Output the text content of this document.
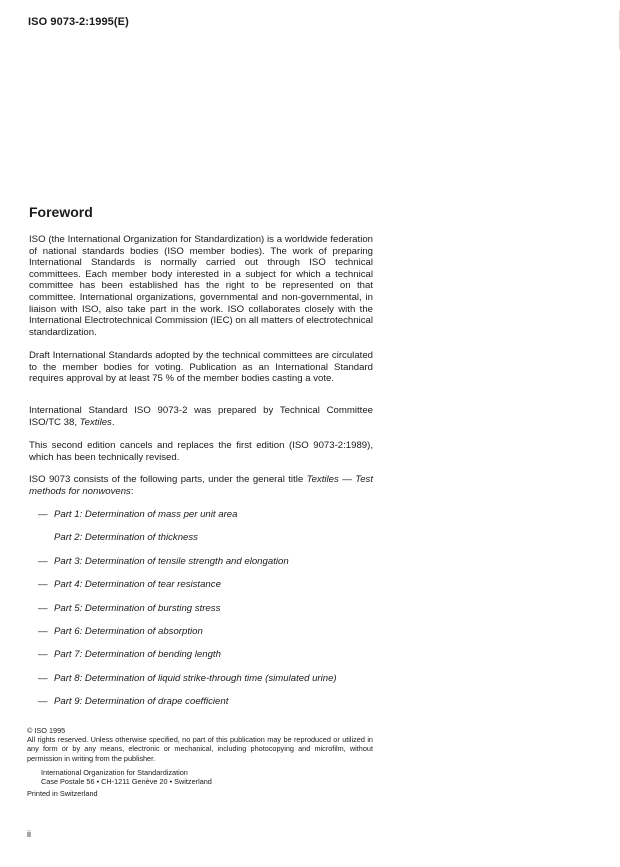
ISO 9073-2:1995(E)
Foreword
ISO (the International Organization for Standardization) is a worldwide federation of national standards bodies (ISO member bodies). The work of preparing International Standards is normally carried out through ISO technical committees. Each member body interested in a subject for which a technical committee has been established has the right to be represented on that committee. International organizations, governmental and non-governmental, in liaison with ISO, also take part in the work. ISO collaborates closely with the International Electrotechnical Commission (IEC) on all matters of electrotechnical standardization.
Draft International Standards adopted by the technical committees are circulated to the member bodies for voting. Publication as an International Standard requires approval by at least 75 % of the member bodies casting a vote.
International Standard ISO 9073-2 was prepared by Technical Committee ISO/TC 38, Textiles.
This second edition cancels and replaces the first edition (ISO 9073-2:1989), which has been technically revised.
ISO 9073 consists of the following parts, under the general title Textiles — Test methods for nonwovens:
— Part 1: Determination of mass per unit area
Part 2: Determination of thickness
— Part 3: Determination of tensile strength and elongation
— Part 4: Determination of tear resistance
— Part 5: Determination of bursting stress
— Part 6: Determination of absorption
— Part 7: Determination of bending length
— Part 8: Determination of liquid strike-through time (simulated urine)
— Part 9: Determination of drape coefficient
© ISO 1995
All rights reserved. Unless otherwise specified, no part of this publication may be reproduced or utilized in any form or by any means, electronic or mechanical, including photocopying and microfilm, without permission in writing from the publisher.
International Organization for Standardization
Case Postale 56 • CH-1211 Genève 20 • Switzerland
Printed in Switzerland
ii
